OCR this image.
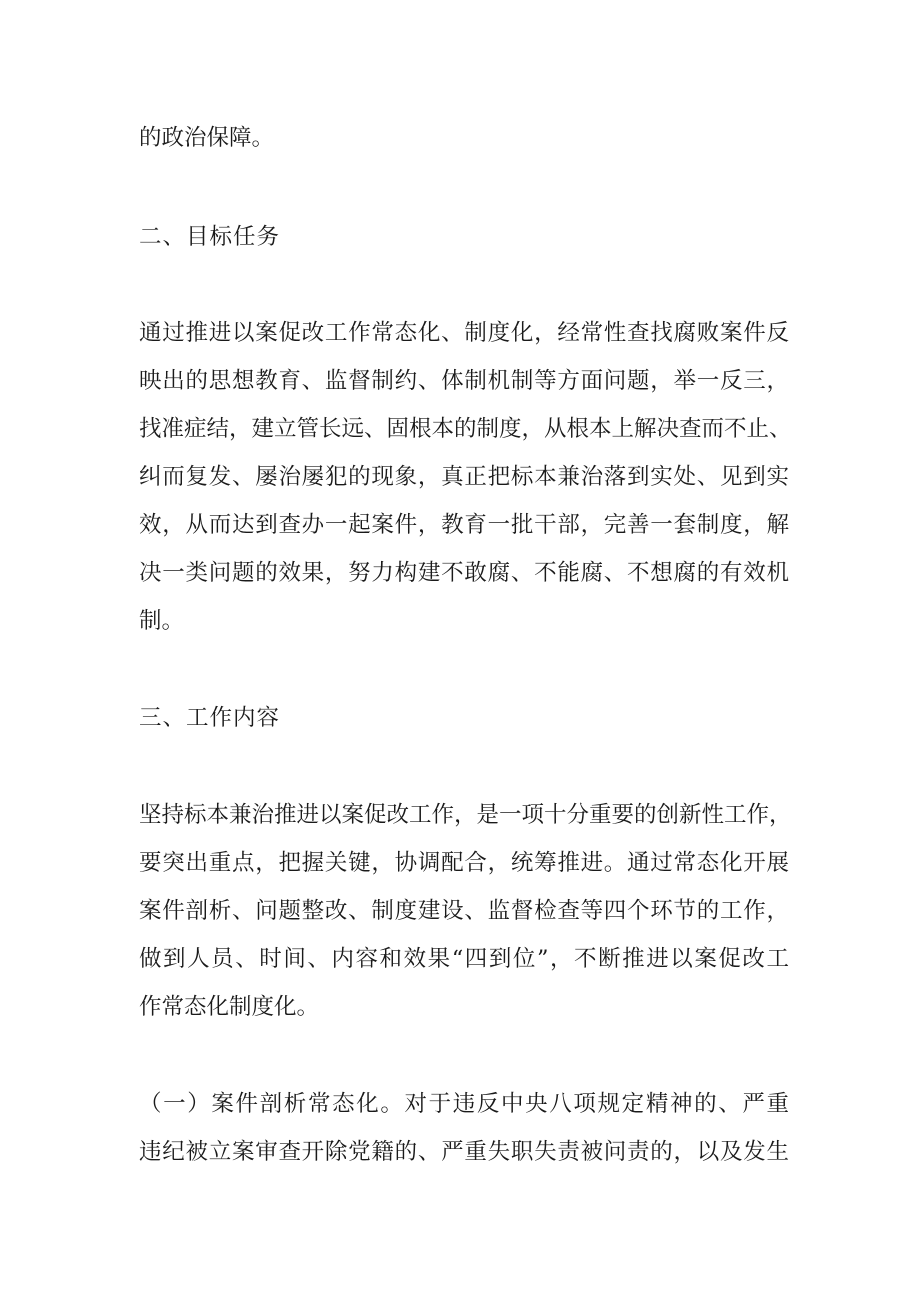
的政治保障。
二、目标任务
通过推进以案促改工作常态化、制度化，经常性查找腐败案件反
映出的思想教育、监督制约、体制机制等方面问题，举一反三，
找准症结，建立管长远、固根本的制度，从根本上解决查而不止、
纠而复发、屡治屡犯的现象，真正把标本兼治落到实处、见到实
效，从而达到查办一起案件，教育一批干部，完善一套制度，解
决一类问题的效果，努力构建不敢腐、不能腐、不想腐的有效机
制。
三、工作内容
坚持标本兼治推进以案促改工作，是一项十分重要的创新性工作，
要突出重点，把握关键，协调配合，统筹推进。通过常态化开展
案件剖析、问题整改、制度建设、监督检查等四个环节的工作，
做到人员、时间、内容和效果“四到位”，不断推进以案促改工
作常态化制度化。
（一）案件剖析常态化。对于违反中央八项规定精神的、严重
违纪被立案审查开除党籍的、严重失职失责被问责的，以及发生
